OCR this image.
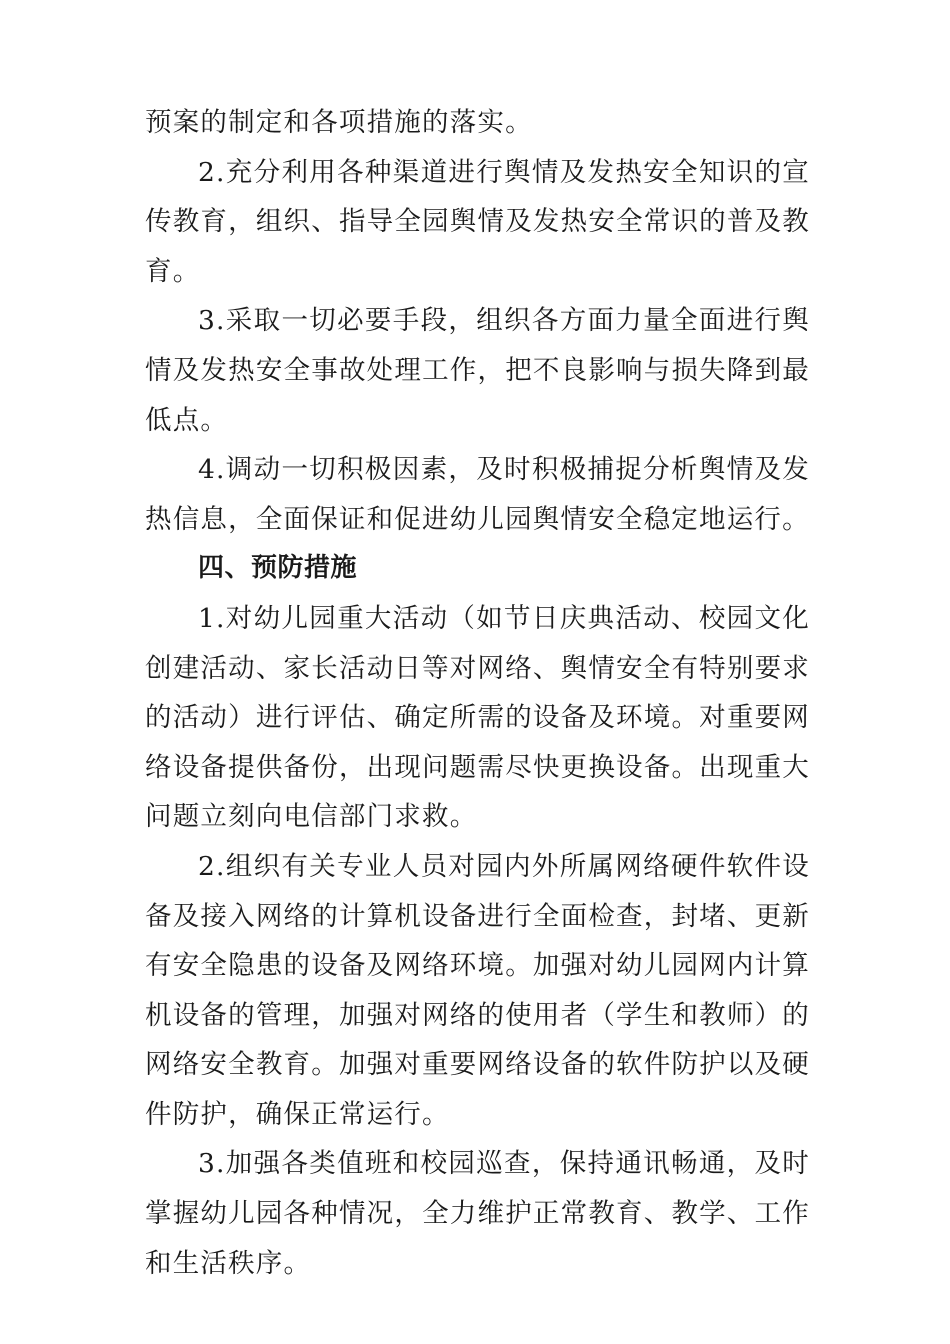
预案的制定和各项措施的落实。

2.充分利用各种渠道进行舆情及发热安全知识的宣传教育，组织、指导全园舆情及发热安全常识的普及教育。

3.采取一切必要手段，组织各方面力量全面进行舆情及发热安全事故处理工作，把不良影响与损失降到最低点。

4.调动一切积极因素，及时积极捕捉分析舆情及发热信息，全面保证和促进幼儿园舆情安全稳定地运行。

四、预防措施

1.对幼儿园重大活动（如节日庆典活动、校园文化创建活动、家长活动日等对网络、舆情安全有特别要求的活动）进行评估、确定所需的设备及环境。对重要网络设备提供备份，出现问题需尽快更换设备。出现重大问题立刻向电信部门求救。

2.组织有关专业人员对园内外所属网络硬件软件设备及接入网络的计算机设备进行全面检查，封堵、更新有安全隐患的设备及网络环境。加强对幼儿园网内计算机设备的管理，加强对网络的使用者（学生和教师）的网络安全教育。加强对重要网络设备的软件防护以及硬件防护，确保正常运行。

3.加强各类值班和校园巡查，保持通讯畅通，及时掌握幼儿园各种情况，全力维护正常教育、教学、工作和生活秩序。
